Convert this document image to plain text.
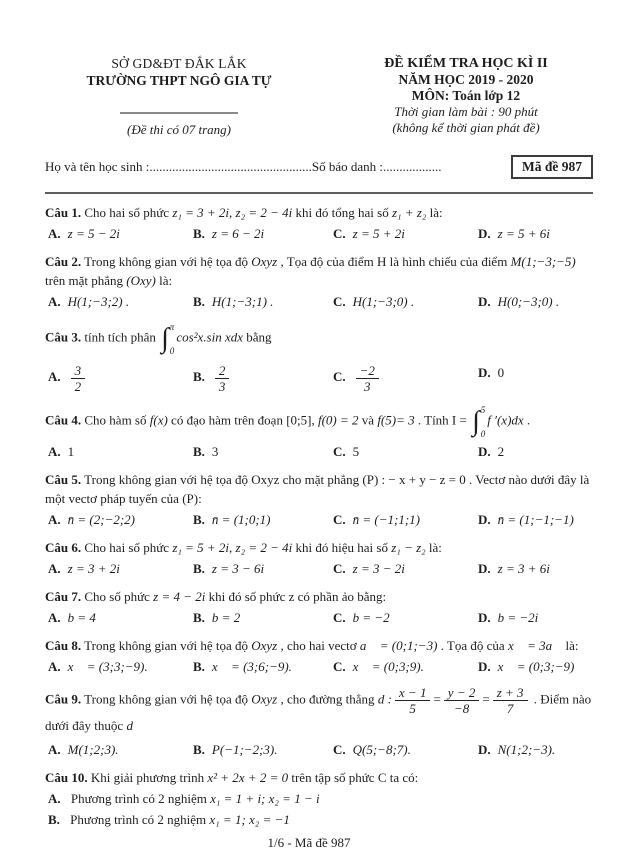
SỞ GD&ĐT ĐẮK LẮK
TRƯỜNG THPT NGÔ GIA TỰ
(Đề thi có 07 trang)
ĐỀ KIỂM TRA HỌC KÌ II
NĂM HỌC 2019 - 2020
MÔN: Toán lớp 12
Thời gian làm bài : 90 phút
(không kể thời gian phát đề)
Họ và tên học sinh : .................................................. Số báo danh : ..................	Mã đề 987

Câu 1. Cho hai số phức z₁ = 3 + 2i, z₂ = 2 − 4i khi đó tổng hai số z₁ + z₂ là:

A. z = 5 − 2i	B. z = 6 − 2i	C. z = 5 + 2i	D. z = 5 + 6i

Câu 2. Trong không gian với hệ tọa độ Oxyz , Tọa độ của điểm H là hình chiếu của điểm M(1;−3;−5) trên mặt phẳng (Oxy) là:

A. H(1;−3;2) .	B. H(1;−3;1) .	C. H(1;−3;0) .	D. H(0;−3;0) .

Câu 3. tính tích phân ∫ π
0
cos²x.sin xdx bằng

A. $\frac{3}{2}$	B. $\frac{2}{3}$	C. $\frac{-2}{3}$	D. 0

Câu 4. Cho hàm số f(x) có đạo hàm trên đoạn [0;5], f(0) = 2 và f(5)= 3 . Tính I = ∫ 5
0
f ′(x)dx .

A. 1	B. 3	C. 5	D. 2

Câu 5. Trong không gian với hệ tọa độ Oxyz cho mặt phẳng (P) : − x + y − z = 0 . Vectơ nào dưới đây là một vectơ pháp tuyến của (P):

A. n̄ = (2;−2;2)	B. n̄ = (1;0;1)	C. n̄ = (−1;1;1)	D. n̄ = (1;−1;−1)

Câu 6. Cho hai số phức z₁ = 5 + 2i, z₂ = 2 − 4i khi đó hiệu hai số z₁ − z₂ là:

A. z = 3 + 2i	B. z = 3 − 6i	C. z = 3 − 2i	D. z = 3 + 6i

Câu 7. Cho số phức z = 4 − 2i khi đó số phức z có phần ảo bằng:

A. b = 4	B. b = 2	C. b = −2	D. b = −2i

Câu 8. Trong không gian với hệ tọa độ Oxyz , cho hai vectơ a⃗ = (0;1;−3) . Tọa độ của x⃗ = 3a⃗ là:

A. x⃗ = (3;3;−9).	B. x⃗ = (3;6;−9).	C. x⃗ = (0;3;9).	D. x⃗ = (0;3;−9)

Câu 9. Trong không gian với hệ tọa độ Oxyz , cho đường thẳng d : $\frac{x - 1}{5} = \frac{y - 2}{-8} = \frac{z + 3}{7}$ . Điểm nào dưới đây thuộc d

A. M(1;2;3).	B. P(−1;−2;3).	C. Q(5;−8;7).	D. N(1;2;−3).

Câu 10. Khi giải phương trình x² + 2x + 2 = 0 trên tập số phức C ta có:

A. Phương trình có 2 nghiệm x₁ = 1 + i; x₂ = 1 − i

B. Phương trình có 2 nghiệm x₁ = 1; x₂ = −1

1/6 - Mã đề 987
